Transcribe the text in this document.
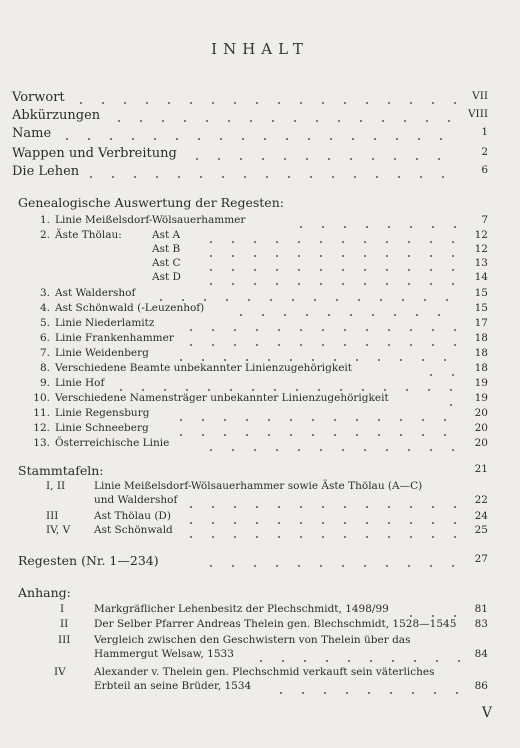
INHALT
Vorwort	VII
Abkürzungen	VIII
Name	1
Wappen und Verbreitung	2
Die Lehen	6
Genealogische Auswertung der Regesten:
1. Linie Meißelsdorf-Wölsauerhammer	7
2. Äste Thölau:	Ast A	12
Ast B	12
Ast C	13
Ast D	14
3. Ast Waldershof	15
4. Ast Schönwald (-Leuzenhof)	15
5. Linie Niederlamitz	17
6. Linie Frankenhammer	18
7. Linie Weidenberg	18
8. Verschiedene Beamte unbekannter Linienzugehörigkeit	18
9. Linie Hof	19
10. Verschiedene Namensträger unbekannter Linienzugehörigkeit	19
11. Linie Regensburg	20
12. Linie Schneeberg	20
13. Österreichische Linie	20
Stammtafeln:	21
I, II	Linie Meißelsdorf-Wölsauerhammer sowie Äste Thölau (A—C)
und Waldershof	22
III	Ast Thölau (D)	24
IV, V	Ast Schönwald	25
Regesten (Nr. 1—234)	27
Anhang:
I	Markgräflicher Lehenbesitz der Plechschmidt, 1498/99	81
II	Der Selber Pfarrer Andreas Thelein gen. Blechschmidt, 1528—1545	83
III	Vergleich zwischen den Geschwistern von Thelein über das
Hammergut Welsaw, 1533	84
IV	Alexander v. Thelein gen. Plechschmid verkauft sein väterliches
Erbteil an seine Brüder, 1534	86
V
